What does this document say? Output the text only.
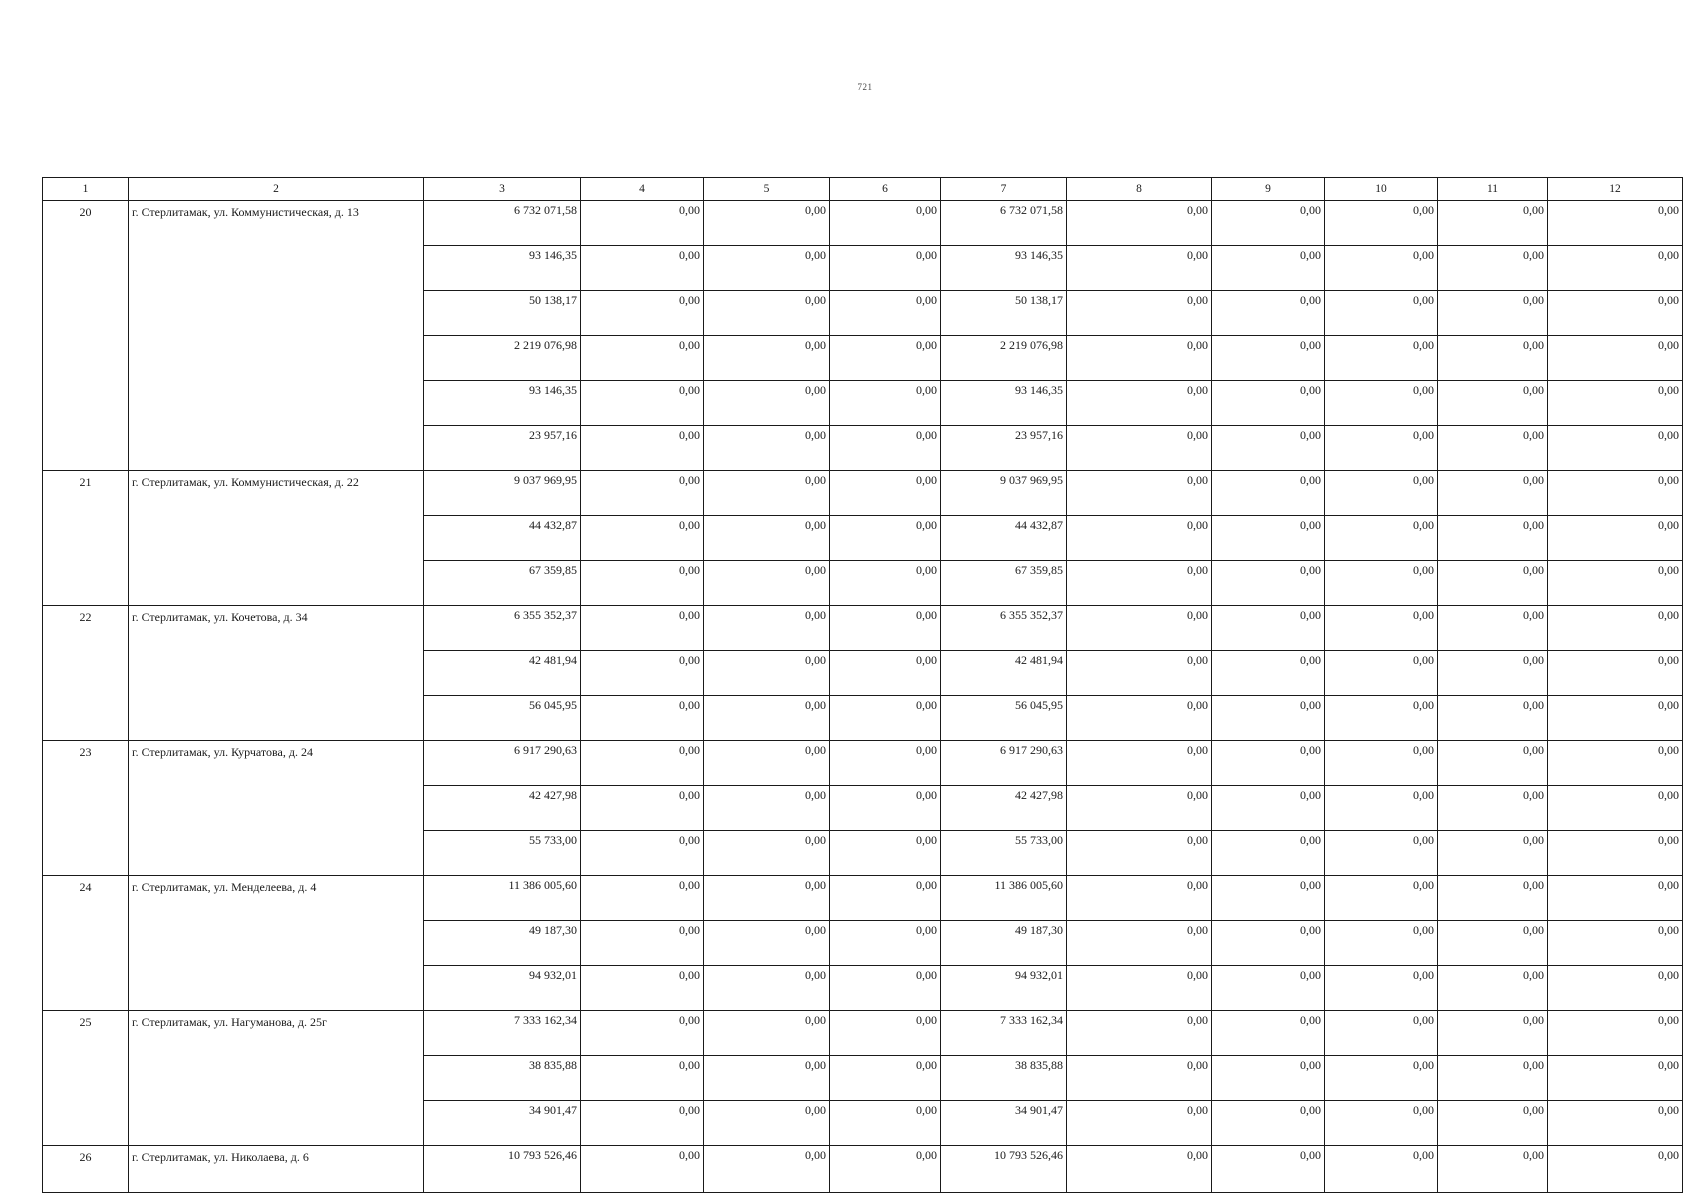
721
1	2	3	4	5	6	7	8	9	10	11	12
20	г. Стерлитамак, ул. Коммунистическая, д. 13	6 732 071,58	0,00	0,00	0,00	6 732 071,58	0,00	0,00	0,00	0,00	0,00
		93 146,35	0,00	0,00	0,00	93 146,35	0,00	0,00	0,00	0,00	0,00
		50 138,17	0,00	0,00	0,00	50 138,17	0,00	0,00	0,00	0,00	0,00
		2 219 076,98	0,00	0,00	0,00	2 219 076,98	0,00	0,00	0,00	0,00	0,00
		93 146,35	0,00	0,00	0,00	93 146,35	0,00	0,00	0,00	0,00	0,00
		23 957,16	0,00	0,00	0,00	23 957,16	0,00	0,00	0,00	0,00	0,00
21	г. Стерлитамак, ул. Коммунистическая, д. 22	9 037 969,95	0,00	0,00	0,00	9 037 969,95	0,00	0,00	0,00	0,00	0,00
		44 432,87	0,00	0,00	0,00	44 432,87	0,00	0,00	0,00	0,00	0,00
		67 359,85	0,00	0,00	0,00	67 359,85	0,00	0,00	0,00	0,00	0,00
22	г. Стерлитамак, ул. Кочетова, д. 34	6 355 352,37	0,00	0,00	0,00	6 355 352,37	0,00	0,00	0,00	0,00	0,00
		42 481,94	0,00	0,00	0,00	42 481,94	0,00	0,00	0,00	0,00	0,00
		56 045,95	0,00	0,00	0,00	56 045,95	0,00	0,00	0,00	0,00	0,00
23	г. Стерлитамак, ул. Курчатова, д. 24	6 917 290,63	0,00	0,00	0,00	6 917 290,63	0,00	0,00	0,00	0,00	0,00
		42 427,98	0,00	0,00	0,00	42 427,98	0,00	0,00	0,00	0,00	0,00
		55 733,00	0,00	0,00	0,00	55 733,00	0,00	0,00	0,00	0,00	0,00
24	г. Стерлитамак, ул. Менделеева, д. 4	11 386 005,60	0,00	0,00	0,00	11 386 005,60	0,00	0,00	0,00	0,00	0,00
		49 187,30	0,00	0,00	0,00	49 187,30	0,00	0,00	0,00	0,00	0,00
		94 932,01	0,00	0,00	0,00	94 932,01	0,00	0,00	0,00	0,00	0,00
25	г. Стерлитамак, ул. Нагуманова, д. 25г	7 333 162,34	0,00	0,00	0,00	7 333 162,34	0,00	0,00	0,00	0,00	0,00
		38 835,88	0,00	0,00	0,00	38 835,88	0,00	0,00	0,00	0,00	0,00
		34 901,47	0,00	0,00	0,00	34 901,47	0,00	0,00	0,00	0,00	0,00
26	г. Стерлитамак, ул. Николаева, д. 6	10 793 526,46	0,00	0,00	0,00	10 793 526,46	0,00	0,00	0,00	0,00	0,00
